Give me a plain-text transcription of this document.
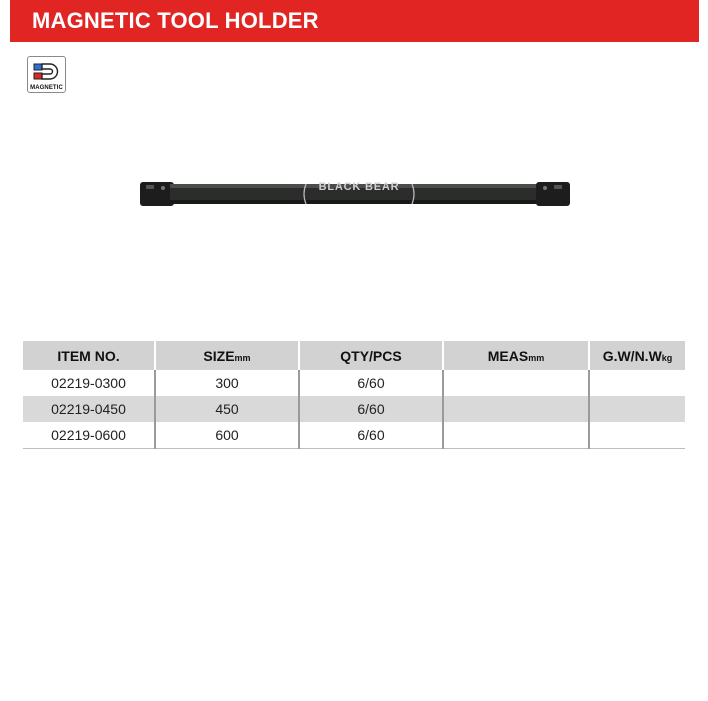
MAGNETIC TOOL HOLDER
MAGNETIC
BLACK BEAR
ITEM NO.	SIZEmm	QTY/PCS	MEASmm	G.W/N.Wkg
02219-0300	300	6/60		
02219-0450	450	6/60		
02219-0600	600	6/60		
